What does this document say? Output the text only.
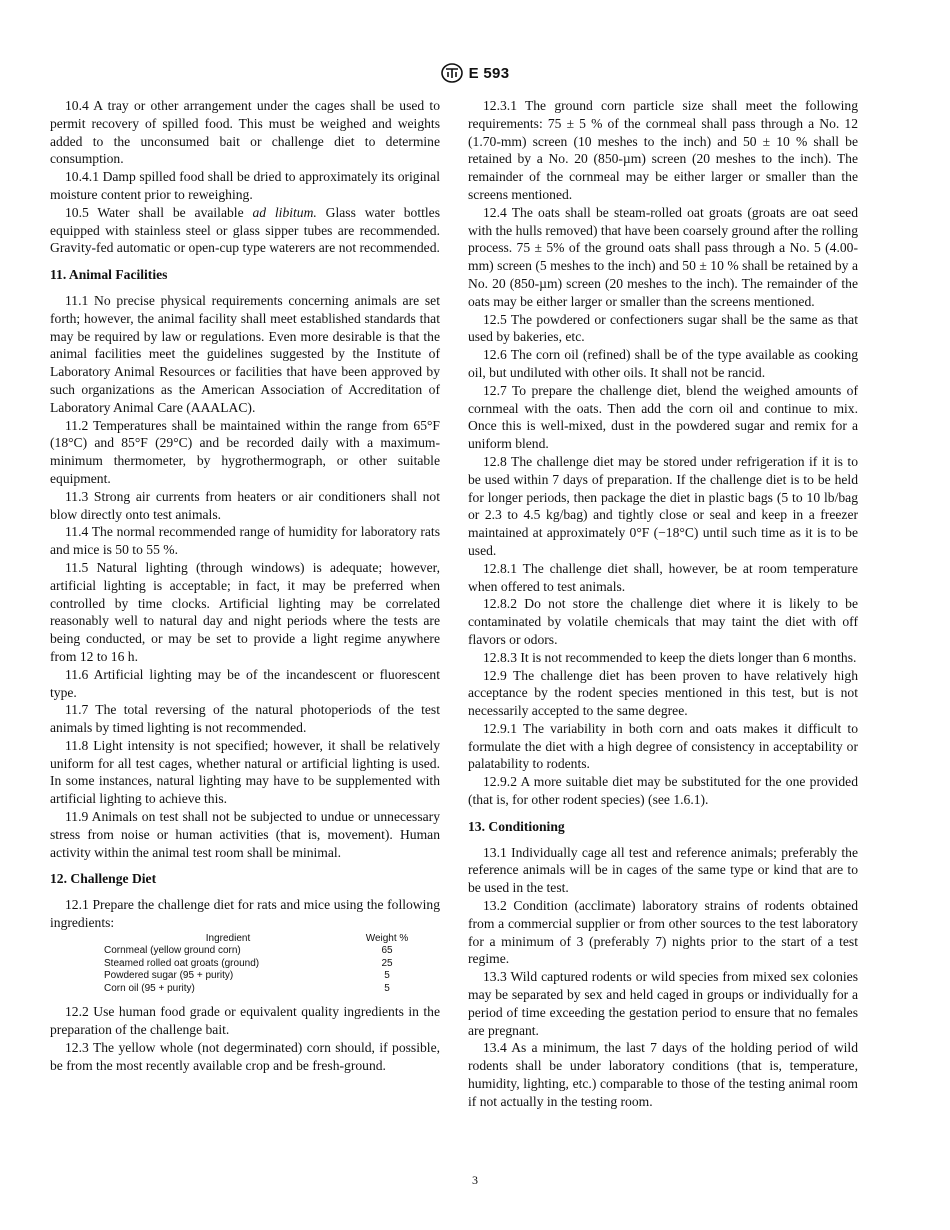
E 593

10.4 A tray or other arrangement under the cages shall be used to permit recovery of spilled food. This must be weighed and weights added to the unconsumed bait or challenge diet to determine consumption.

10.4.1 Damp spilled food shall be dried to approximately its original moisture content prior to reweighing.

10.5 Water shall be available ad libitum. Glass water bottles equipped with stainless steel or glass sipper tubes are recommended. Gravity-fed automatic or open-cup type waterers are not recommended.

11. Animal Facilities

11.1 No precise physical requirements concerning animals are set forth; however, the animal facility shall meet established standards that may be required by law or regulations. Even more desirable is that the animal facilities meet the guidelines suggested by the Institute of Laboratory Animal Resources or facilities that have been approved by such organizations as the American Association of Accreditation of Laboratory Animal Care (AAALAC).

11.2 Temperatures shall be maintained within the range from 65°F (18°C) and 85°F (29°C) and be recorded daily with a maximum-minimum thermometer, by hygrothermograph, or other suitable equipment.

11.3 Strong air currents from heaters or air conditioners shall not blow directly onto test animals.

11.4 The normal recommended range of humidity for laboratory rats and mice is 50 to 55 %.

11.5 Natural lighting (through windows) is adequate; however, artificial lighting is acceptable; in fact, it may be preferred when controlled by time clocks. Artificial lighting may be correlated reasonably well to natural day and night periods where the tests are being conducted, or may be set to provide a light regime anywhere from 12 to 16 h.

11.6 Artificial lighting may be of the incandescent or fluorescent type.

11.7 The total reversing of the natural photoperiods of the test animals by timed lighting is not recommended.

11.8 Light intensity is not specified; however, it shall be relatively uniform for all test cages, whether natural or artificial lighting is used. In some instances, natural lighting may have to be supplemented with artificial lighting to achieve this.

11.9 Animals on test shall not be subjected to undue or unnecessary stress from noise or human activities (that is, movement). Human activity within the animal test room shall be minimal.

12. Challenge Diet

12.1 Prepare the challenge diet for rats and mice using the following ingredients:

Ingredient	Weight %
Cornmeal (yellow ground corn)	65
Steamed rolled oat groats (ground)	25
Powdered sugar (95 + purity)	5
Corn oil (95 + purity)	5

12.2 Use human food grade or equivalent quality ingredients in the preparation of the challenge bait.

12.3 The yellow whole (not degerminated) corn should, if possible, be from the most recently available crop and be fresh-ground.

12.3.1 The ground corn particle size shall meet the following requirements: 75 ± 5 % of the cornmeal shall pass through a No. 12 (1.70-mm) screen (10 meshes to the inch) and 50 ± 10 % shall be retained by a No. 20 (850-µm) screen (20 meshes to the inch). The remainder of the cornmeal may be either larger or smaller than the screens mentioned.

12.4 The oats shall be steam-rolled oat groats (groats are oat seed with the hulls removed) that have been coarsely ground after the rolling process. 75 ± 5% of the ground oats shall pass through a No. 5 (4.00-mm) screen (5 meshes to the inch) and 50 ± 10 % shall be retained by a No. 20 (850-µm) screen (20 meshes to the inch). The remainder of the oats may be either larger or smaller than the screens mentioned.

12.5 The powdered or confectioners sugar shall be the same as that used by bakeries, etc.

12.6 The corn oil (refined) shall be of the type available as cooking oil, but undiluted with other oils. It shall not be rancid.

12.7 To prepare the challenge diet, blend the weighed amounts of cornmeal with the oats. Then add the corn oil and continue to mix. Once this is well-mixed, dust in the powdered sugar and remix for a uniform blend.

12.8 The challenge diet may be stored under refrigeration if it is to be used within 7 days of preparation. If the challenge diet is to be held for longer periods, then package the diet in plastic bags (5 to 10 lb/bag or 2.3 to 4.5 kg/bag) and tightly close or seal and keep in a freezer maintained at approximately 0°F (−18°C) until such time as it is to be used.

12.8.1 The challenge diet shall, however, be at room temperature when offered to test animals.

12.8.2 Do not store the challenge diet where it is likely to be contaminated by volatile chemicals that may taint the diet with off flavors or odors.

12.8.3 It is not recommended to keep the diets longer than 6 months.

12.9 The challenge diet has been proven to have relatively high acceptance by the rodent species mentioned in this test, but is not necessarily accepted to the same degree.

12.9.1 The variability in both corn and oats makes it difficult to formulate the diet with a high degree of consistency in acceptability or palatability to rodents.

12.9.2 A more suitable diet may be substituted for the one provided (that is, for other rodent species) (see 1.6.1).

13. Conditioning

13.1 Individually cage all test and reference animals; preferably the reference animals will be in cages of the same type or kind that are to be used in the test.

13.2 Condition (acclimate) laboratory strains of rodents obtained from a commercial supplier or from other sources to the test laboratory for a minimum of 3 (preferably 7) nights prior to the start of a test regime.

13.3 Wild captured rodents or wild species from mixed sex colonies may be separated by sex and held caged in groups or individually for a period of time exceeding the gestation period to ensure that no females are pregnant.

13.4 As a minimum, the last 7 days of the holding period of wild rodents shall be under laboratory conditions (that is, temperature, humidity, lighting, etc.) comparable to those of the testing animal room if not actually in the testing room.

3
